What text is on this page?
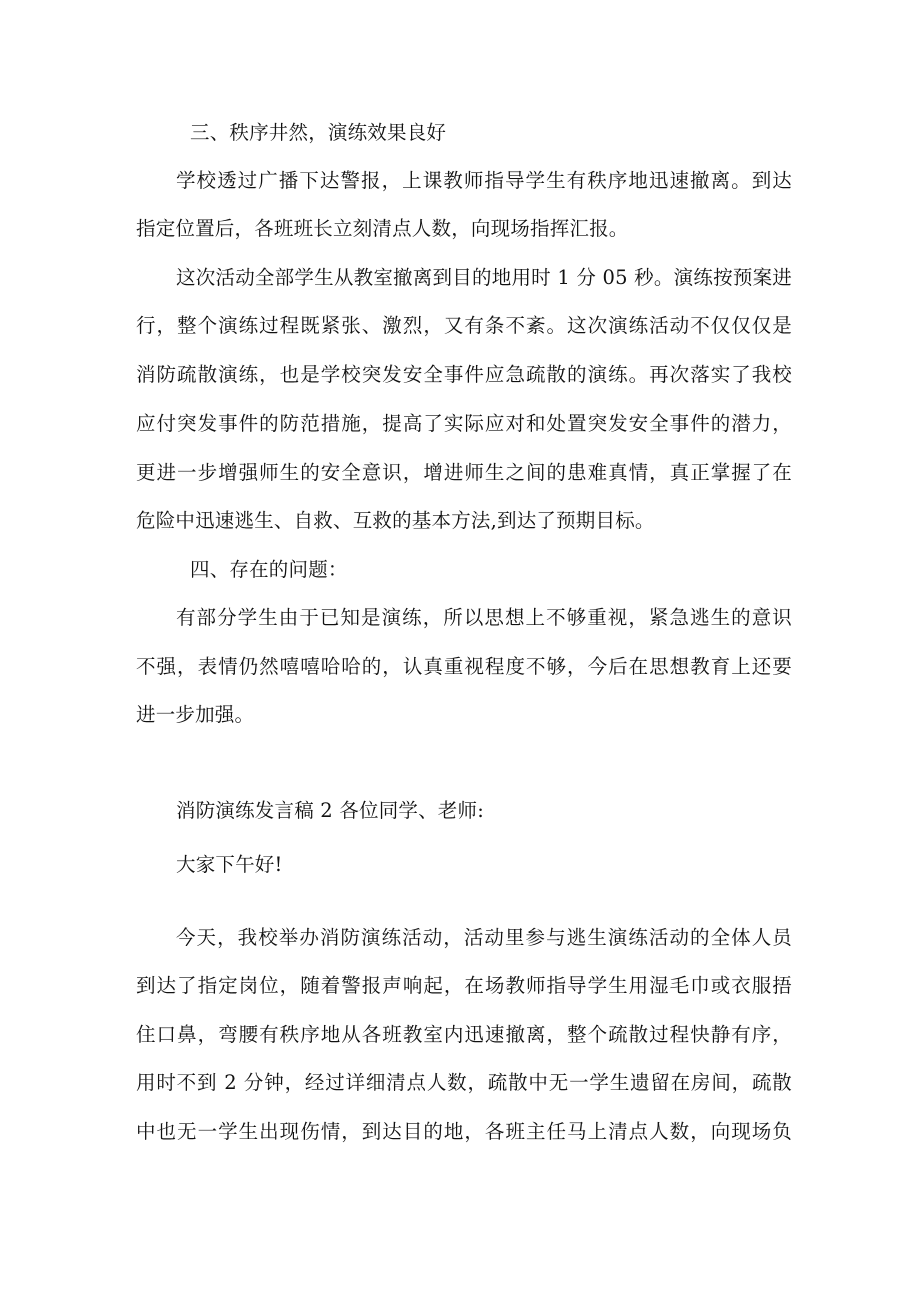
三、秩序井然，演练效果良好
学校透过广播下达警报，上课教师指导学生有秩序地迅速撤离。到达
指定位置后，各班班长立刻清点人数，向现场指挥汇报。
这次活动全部学生从教室撤离到目的地用时 1 分 05 秒。演练按预案进
行，整个演练过程既紧张、激烈，又有条不紊。这次演练活动不仅仅仅是
消防疏散演练，也是学校突发安全事件应急疏散的演练。再次落实了我校
应付突发事件的防范措施，提高了实际应对和处置突发安全事件的潜力，
更进一步增强师生的安全意识，增进师生之间的患难真情，真正掌握了在
危险中迅速逃生、自救、互救的基本方法,到达了预期目标。
四、存在的问题：
有部分学生由于已知是演练，所以思想上不够重视，紧急逃生的意识
不强，表情仍然嘻嘻哈哈的，认真重视程度不够，今后在思想教育上还要
进一步加强。
消防演练发言稿 2 各位同学、老师:
大家下午好!
今天，我校举办消防演练活动，活动里参与逃生演练活动的全体人员
到达了指定岗位，随着警报声响起，在场教师指导学生用湿毛巾或衣服捂
住口鼻，弯腰有秩序地从各班教室内迅速撤离，整个疏散过程快静有序，
用时不到 2 分钟，经过详细清点人数，疏散中无一学生遗留在房间，疏散
中也无一学生出现伤情，到达目的地，各班主任马上清点人数，向现场负
